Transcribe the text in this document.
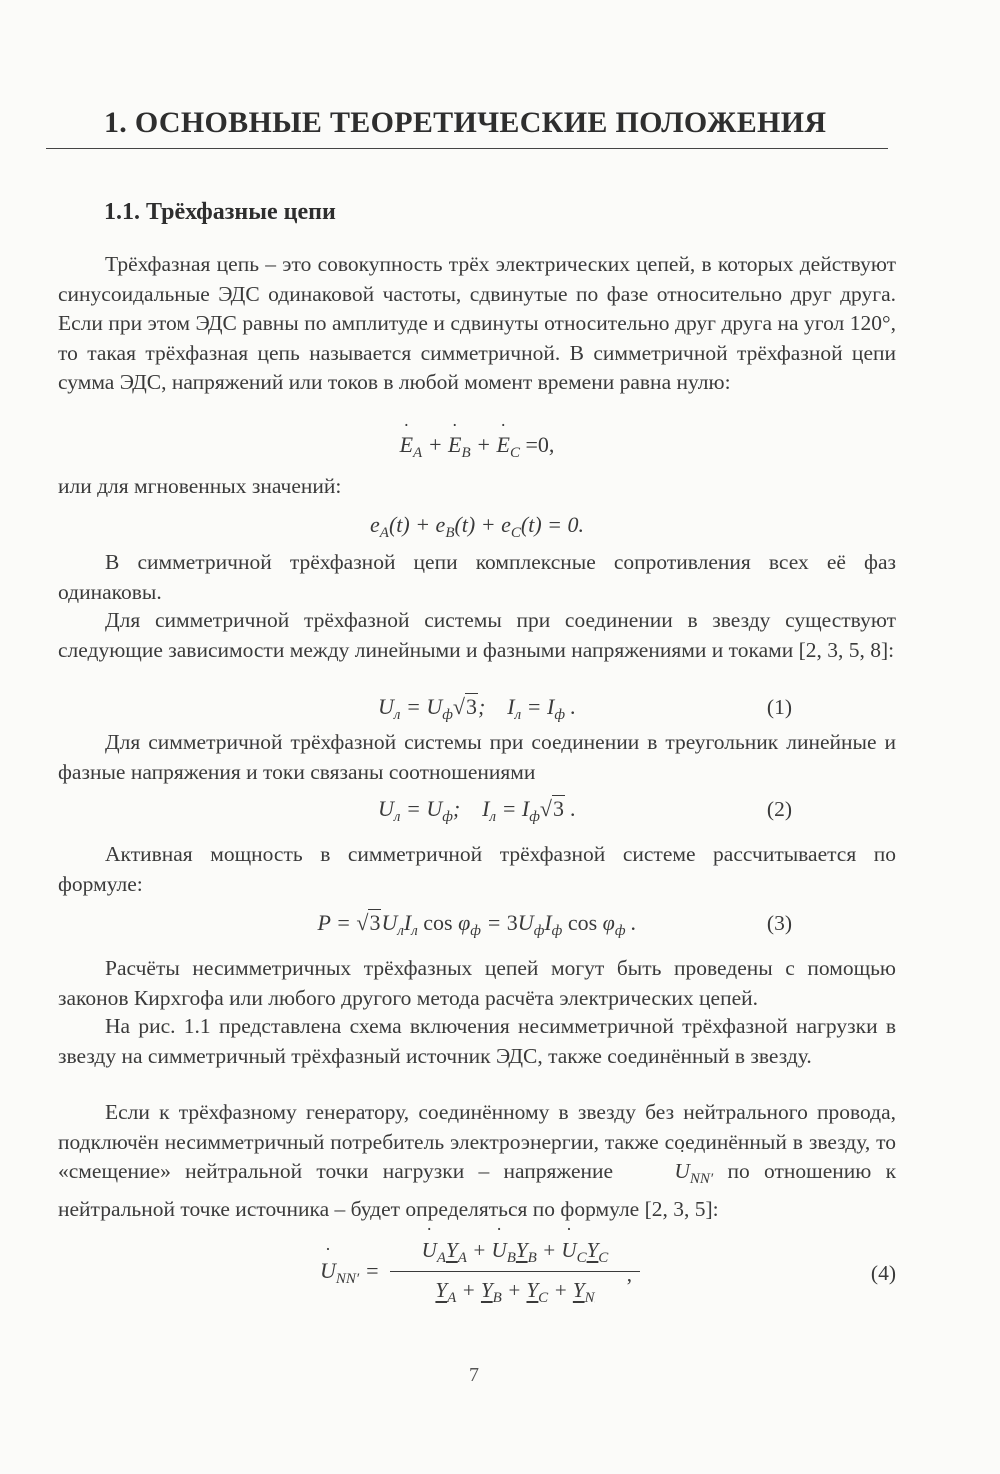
1. ОСНОВНЫЕ ТЕОРЕТИЧЕСКИЕ ПОЛОЖЕНИЯ
1.1. Трёхфазные цепи

Трёхфазная цепь – это совокупность трёх электрических цепей, в которых действуют синусоидальные ЭДС одинаковой частоты, сдвинутые по фазе относительно друг друга. Если при этом ЭДС равны по амплитуде и сдвинуты относительно друг друга на угол 120°, то такая трёхфазная цепь называется симметричной. В симметричной трёхфазной цепи сумма ЭДС, напряжений или токов в любой момент времени равна нулю:

˙ $E_A$ + ˙ $E_B$ + ˙ $E_C =0$,

или для мгновенных значений:

$e_A(t) + e_B(t) + e_C(t) = 0$.

В симметричной трёхфазной цепи комплексные сопротивления всех её фаз одинаковы.

Для симметричной трёхфазной системы при соединении в звезду существуют следующие зависимости между линейными и фазными напряжениями и токами [2, 3, 5, 8]:

$U_л = U_ф√3$;    $I_л = I_ф$ .	(1)

Для симметричной трёхфазной системы при соединении в треугольник линейные и фазные напряжения и токи связаны соотношениями

$U_л = U_ф$;    $I_л = I_ф√3$ .	(2)

Активная мощность в симметричной трёхфазной системе рассчитывается по формуле:

$P = √3U_лI_л$ $\cos \varphi_ф = 3U_фI_ф$ $\cos \varphi_ф$ .	(3)

Расчёты несимметричных трёхфазных цепей могут быть проведены с помощью законов Кирхгофа или любого другого метода расчёта электрических цепей.

На рис. 1.1 представлена схема включения несимметричной трёхфазной нагрузки в звезду на симметричный трёхфазный источник ЭДС, также соединённый в звезду.

Если к трёхфазному генератору, соединённому в звезду без нейтрального провода, подключён несимметричный потребитель электроэнергии, также соединённый в звезду, то «смещение» нейтральной точки нагрузки – напряжение ˙	$U_{NN'}$ по отношению к нейтральной точке источника – будет определяться по формуле [2, 3, 5]:

˙ $U_{NN'}$ =
˙ $U_AY_A$ + ˙ $U_BY_B$ + ˙ $U_CY_C$
,
$Y_A + Y_B + Y_C + Y_N$
(4)
7
